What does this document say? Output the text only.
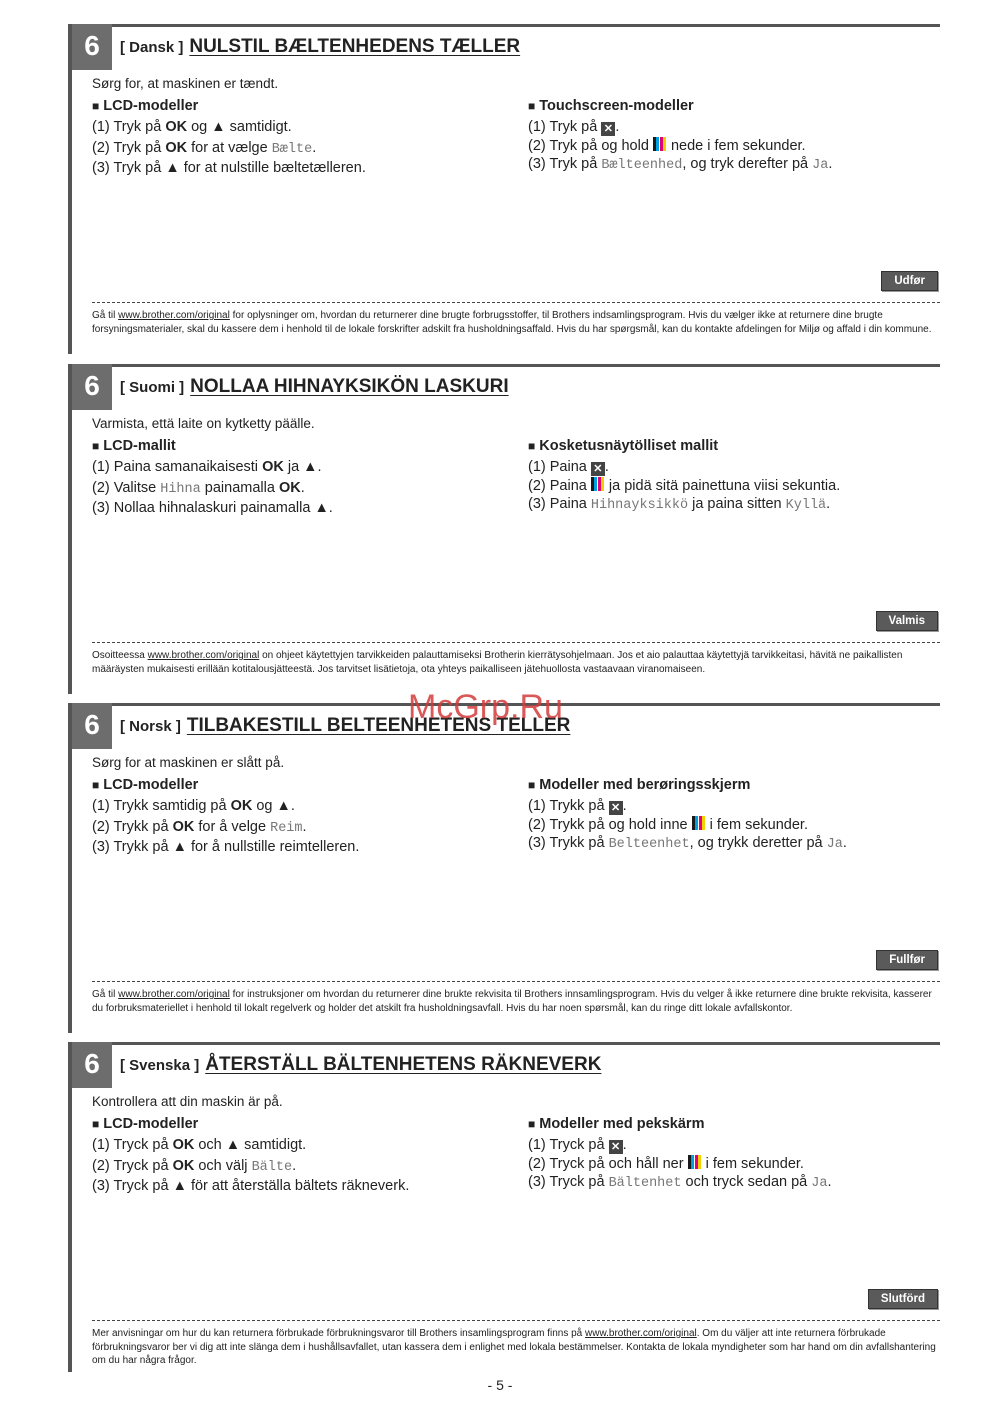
6	[ Dansk ] NULSTIL BÆLTENHEDENS TÆLLER
Sørg for, at maskinen er tændt.
■ LCD-modeller
(1) Tryk på OK og ▲ samtidigt.
(2) Tryk på OK for at vælge Bælte.
(3) Tryk på ▲ for at nulstille bæltetælleren.
■ Touchscreen-modeller
(1) Tryk på ✕ .
(2) Tryk på og hold
nede i fem sekunder.
(3) Tryk på Bælteenhed, og tryk derefter på Ja.
Udfør
Gå til www.brother.com/original for oplysninger om, hvordan du returnerer dine brugte forbrugsstoffer, til Brothers indsamlingsprogram. Hvis du vælger ikke at returnere dine brugte forsyningsmaterialer, skal du kassere dem i henhold til de lokale forskrifter adskilt fra husholdningsaffald. Hvis du har spørgsmål, kan du kontakte afdelingen for Miljø og affald i din kommune.
6	[ Suomi ] NOLLAA HIHNAYKSIKÖN LASKURI
Varmista, että laite on kytketty päälle.
■ LCD-mallit
(1) Paina samanaikaisesti OK ja ▲.
(2) Valitse Hihna painamalla OK.
(3) Nollaa hihnalaskuri painamalla ▲.
■ Kosketusnäytölliset mallit
(1) Paina ✕ .
(2) Paina
ja pidä sitä painettuna viisi sekuntia.
(3) Paina Hihnayksikkö ja paina sitten Kyllä.
Valmis
Osoitteessa www.brother.com/original on ohjeet käytettyjen tarvikkeiden palauttamiseksi Brotherin kierrätysohjelmaan. Jos et aio palauttaa käytettyjä tarvikkeitasi, hävitä ne paikallisten määräysten mukaisesti erillään kotitalousjätteestä. Jos tarvitset lisätietoja, ota yhteys paikalliseen jätehuollosta vastaavaan viranomaiseen.
6	[ Norsk ] TILBAKESTILL BELTEENHETENS TELLER
Sørg for at maskinen er slått på.
■ LCD-modeller
(1) Trykk samtidig på OK og ▲.
(2) Trykk på OK for å velge Reim.
(3) Trykk på ▲ for å nullstille reimtelleren.
■ Modeller med berøringsskjerm
(1) Trykk på ✕ .
(2) Trykk på og hold inne
i fem sekunder.
(3) Trykk på Belteenhet, og trykk deretter på Ja.
Fullfør
Gå til www.brother.com/original for instruksjoner om hvordan du returnerer dine brukte rekvisita til Brothers innsamlingsprogram. Hvis du velger å ikke returnere dine brukte rekvisita, kasserer du forbruksmateriellet i henhold til lokalt regelverk og holder det atskilt fra husholdningsavfall. Hvis du har noen spørsmål, kan du ringe ditt lokale avfallskontor.
6	[ Svenska ] ÅTERSTÄLL BÄLTENHETENS RÄKNEVERK
Kontrollera att din maskin är på.
■ LCD-modeller
(1) Tryck på OK och ▲ samtidigt.
(2) Tryck på OK och välj Bälte.
(3) Tryck på ▲ för att återställa bältets räkneverk.
■ Modeller med pekskärm
(1) Tryck på ✕ .
(2) Tryck på och håll ner
i fem sekunder.
(3) Tryck på Bältenhet och tryck sedan på Ja.
Slutförd
Mer anvisningar om hur du kan returnera förbrukade förbrukningsvaror till Brothers insamlingsprogram finns på www.brother.com/original. Om du väljer att inte returnera förbrukade förbrukningsvaror ber vi dig att inte slänga dem i hushållsavfallet, utan kassera dem i enlighet med lokala bestämmelser. Kontakta de lokala myndigheter som har hand om din avfallshantering om du har några frågor.
McGrp.Ru
- 5 -
